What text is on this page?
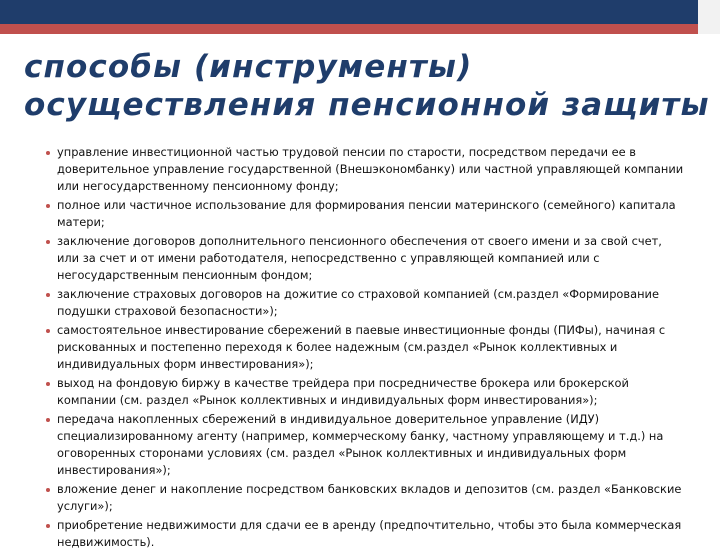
способы (инструменты)
осуществления пенсионной защиты
управление инвестиционной частью трудовой пенсии по старости, посредством передачи ее в доверительное управление государственной (Внешэкономбанку) или частной управляющей компании или негосударственному пенсионному фонду;
полное или частичное использование для формирования пенсии материнского (семейного) капитала матери;
заключение договоров дополнительного пенсионного обеспечения от своего имени и за свой счет, или за счет и от имени работодателя, непосредственно с управляющей компанией или с негосударственным пенсионным фондом;
заключение страховых договоров на дожитие со страховой компанией (см.раздел «Формирование подушки страховой безопасности»);
самостоятельное инвестирование сбережений в паевые инвестиционные фонды (ПИФы), начиная с рискованных и постепенно переходя к более надежным (см.раздел «Рынок коллективных и индивидуальных форм инвестирования»);
выход на фондовую биржу в качестве трейдера при посредничестве брокера или брокерской компании (см. раздел «Рынок коллективных и индивидуальных форм инвестирования»);
передача накопленных сбережений в индивидуальное доверительное управление (ИДУ) специализированному агенту (например, коммерческому банку, частному управляющему и т.д.) на оговоренных сторонами условиях (см. раздел «Рынок коллективных и индивидуальных форм инвестирования»);
вложение денег и накопление посредством банковских вкладов и депозитов (см. раздел «Банковские услуги»);
приобретение недвижимости для сдачи ее в аренду (предпочтительно, чтобы это была коммерческая недвижимость).
